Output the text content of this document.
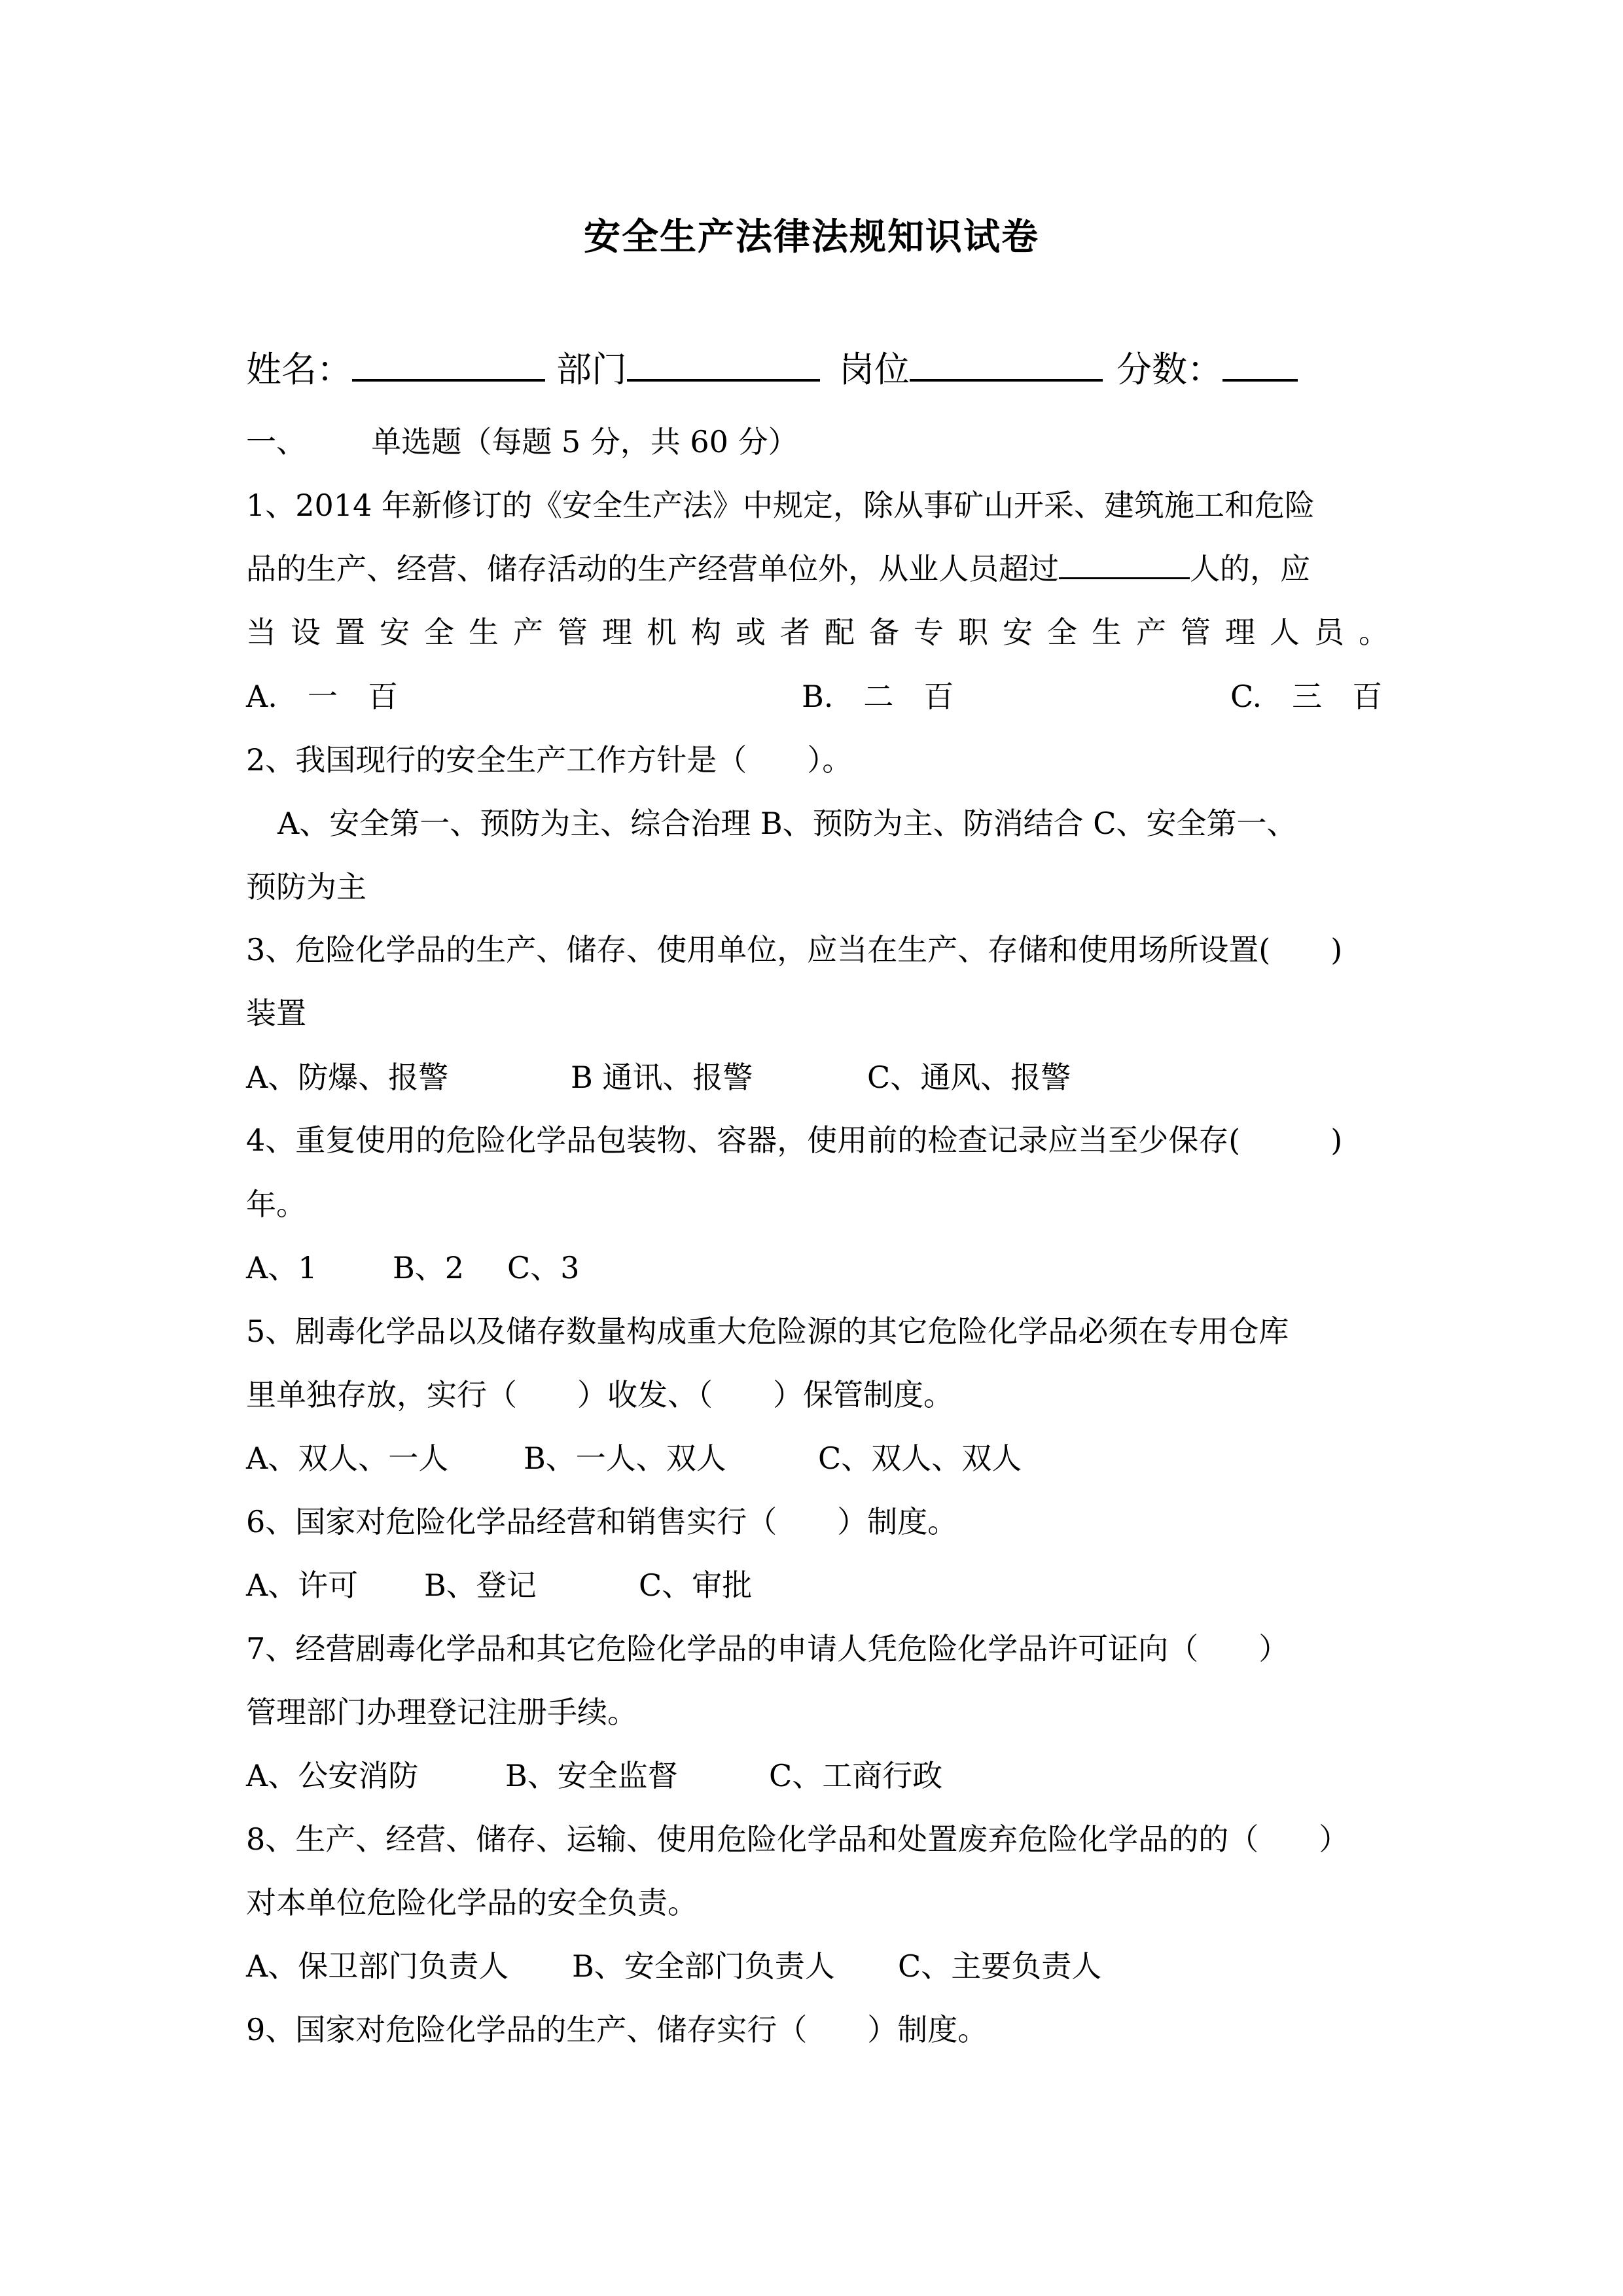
安全生产法律法规知识试卷
姓名：	部门	岗位	分数：
一、 单选题（每题 5 分，共 60 分）
1、2014 年新修订的《安全生产法》中规定，除从事矿山开采、建筑施工和危险
品的生产、经营、储存活动的生产经营单位外，从业人员超过	人的，应
当设置安全生产管理机构或者配备专职安全生产管理人员。
A.　一　百	B.　二　百	C.　三　百
2、我国现行的安全生产工作方针是（　　）。
A、安全第一、预防为主、综合治理 B、预防为主、防消结合 C、安全第一、
预防为主
3、危险化学品的生产、储存、使用单位，应当在生产、存储和使用场所设置(　　)
装置
A、防爆、报警	B 通讯、报警	C、通风、报警
4、重复使用的危险化学品包装物、容器，使用前的检查记录应当至少保存(　　　)
年。
A、1	B、2 C、3
5、剧毒化学品以及储存数量构成重大危险源的其它危险化学品必须在专用仓库
里单独存放，实行（　　）收发、（　　）保管制度。
A、双人、一人 B、一人、双人	C、双人、双人
6、国家对危险化学品经营和销售实行（　　）制度。
A、许可 B、登记	C、审批
7、经营剧毒化学品和其它危险化学品的申请人凭危险化学品许可证向（　　）
管理部门办理登记注册手续。
A、公安消防	B、安全监督	C、工商行政
8、生产、经营、储存、运输、使用危险化学品和处置废弃危险化学品的的（　　）
对本单位危险化学品的安全负责。
A、保卫部门负责人 B、安全部门负责人 C、主要负责人
9、国家对危险化学品的生产、储存实行（　　）制度。
